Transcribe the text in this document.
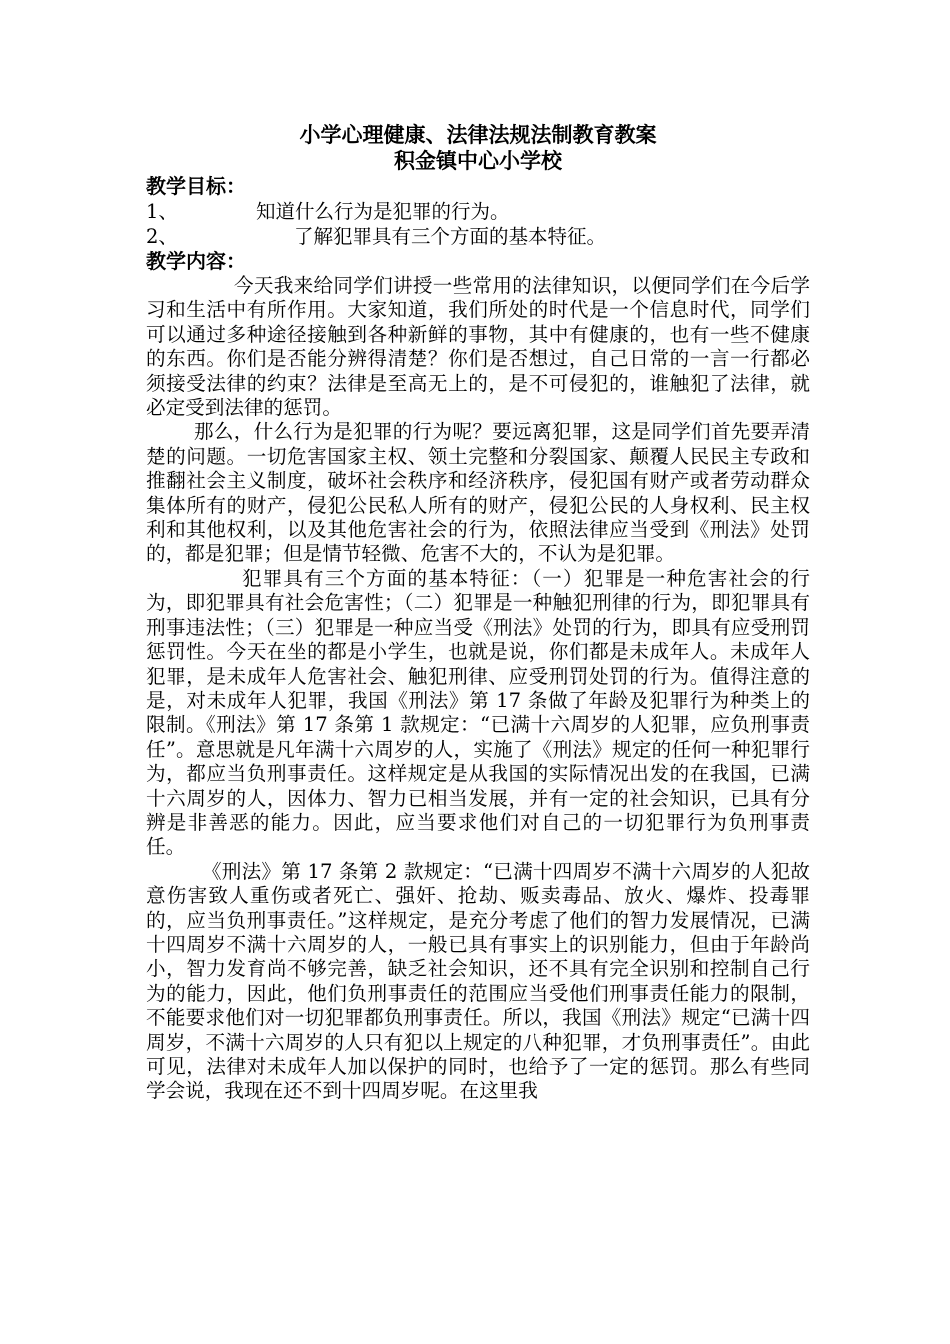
小学心理健康、法律法规法制教育教案

积金镇中心小学校

教学目标：

1、	知道什么行为是犯罪的行为。

2、	了解犯罪具有三个方面的基本特征。

教学内容：

今天我来给同学们讲授一些常用的法律知识，以便同学们在今后学习和生活中有所作用。大家知道，我们所处的时代是一个信息时代，同学们可以通过多种途径接触到各种新鲜的事物，其中有健康的，也有一些不健康的东西。你们是否能分辨得清楚？你们是否想过，自己日常的一言一行都必须接受法律的约束？法律是至高无上的，是不可侵犯的，谁触犯了法律，就必定受到法律的惩罚。

那么，什么行为是犯罪的行为呢？要远离犯罪，这是同学们首先要弄清楚的问题。一切危害国家主权、领土完整和分裂国家、颠覆人民民主专政和推翻社会主义制度，破坏社会秩序和经济秩序，侵犯国有财产或者劳动群众集体所有的财产，侵犯公民私人所有的财产，侵犯公民的人身权利、民主权利和其他权利，以及其他危害社会的行为，依照法律应当受到《刑法》处罚的，都是犯罪；但是情节轻微、危害不大的，不认为是犯罪。

犯罪具有三个方面的基本特征：（一）犯罪是一种危害社会的行为，即犯罪具有社会危害性；（二）犯罪是一种触犯刑律的行为，即犯罪具有刑事违法性；（三）犯罪是一种应当受《刑法》处罚的行为，即具有应受刑罚惩罚性。今天在坐的都是小学生，也就是说，你们都是未成年人。未成年人犯罪，是未成年人危害社会、触犯刑律、应受刑罚处罚的行为。值得注意的是，对未成年人犯罪，我国《刑法》第 17 条做了年龄及犯罪行为种类上的限制。《刑法》第 17 条第 1 款规定：“已满十六周岁的人犯罪，应负刑事责任”。意思就是凡年满十六周岁的人，实施了《刑法》规定的任何一种犯罪行为，都应当负刑事责任。这样规定是从我国的实际情况出发的在我国，已满十六周岁的人，因体力、智力已相当发展，并有一定的社会知识，已具有分辨是非善恶的能力。因此，应当要求他们对自己的一切犯罪行为负刑事责任。

《刑法》第 17 条第 2 款规定：“已满十四周岁不满十六周岁的人犯故意伤害致人重伤或者死亡、强奸、抢劫、贩卖毒品、放火、爆炸、投毒罪的，应当负刑事责任。”这样规定，是充分考虑了他们的智力发展情况，已满十四周岁不满十六周岁的人，一般已具有事实上的识别能力，但由于年龄尚小，智力发育尚不够完善，缺乏社会知识，还不具有完全识别和控制自己行为的能力，因此，他们负刑事责任的范围应当受他们刑事责任能力的限制，不能要求他们对一切犯罪都负刑事责任。所以，我国《刑法》规定“已满十四周岁，不满十六周岁的人只有犯以上规定的八种犯罪，才负刑事责任”。由此可见，法律对未成年人加以保护的同时，也给予了一定的惩罚。那么有些同学会说，我现在还不到十四周岁呢。在这里我
